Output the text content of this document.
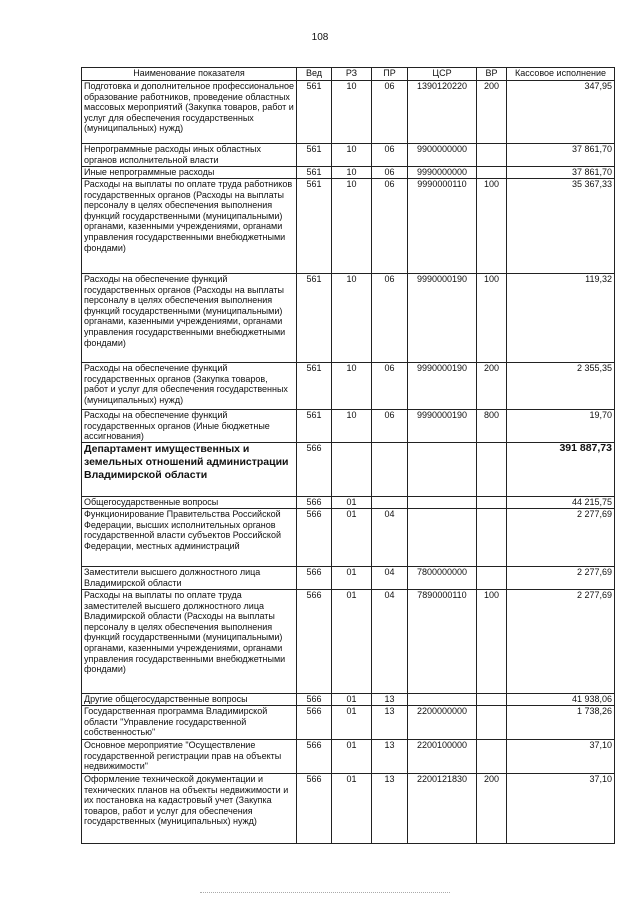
108
Наименование показателя	Вед	РЗ	ПР	ЦСР	ВР	Кассовое исполнение
Подготовка и дополнительное профессиональное образование работников, проведение областных массовых мероприятий (Закупка товаров, работ и услуг для обеспечения государственных (муниципальных) нужд)	561	10	06	1390120220	200	347,95
Непрограммные расходы иных областных органов исполнительной власти	561	10	06	9900000000		37 861,70
Иные непрограммные расходы	561	10	06	9990000000		37 861,70
Расходы на выплаты по оплате труда работников государственных органов (Расходы на выплаты персоналу в целях обеспечения выполнения функций государственными (муниципальными) органами, казенными учреждениями, органами управления государственными внебюджетными фондами)	561	10	06	9990000110	100	35 367,33
Расходы на обеспечение функций государственных органов (Расходы на выплаты персоналу в целях обеспечения выполнения функций государственными (муниципальными) органами, казенными учреждениями, органами управления государственными внебюджетными фондами)	561	10	06	9990000190	100	119,32
Расходы на обеспечение функций государственных органов (Закупка товаров, работ и услуг для обеспечения государственных (муниципальных) нужд)	561	10	06	9990000190	200	2 355,35
Расходы на обеспечение функций государственных органов (Иные бюджетные ассигнования)	561	10	06	9990000190	800	19,70
Департамент имущественных и земельных отношений администрации Владимирской области	566					391 887,73
Общегосударственные вопросы	566	01				44 215,75
Функционирование Правительства Российской Федерации, высших исполнительных органов государственной власти субъектов Российской Федерации, местных администраций	566	01	04			2 277,69
Заместители высшего должностного лица Владимирской области	566	01	04	7800000000		2 277,69
Расходы на выплаты по оплате труда заместителей высшего должностного лица Владимирской области (Расходы на выплаты персоналу в целях обеспечения выполнения функций государственными (муниципальными) органами, казенными учреждениями, органами управления государственными внебюджетными фондами)	566	01	04	7890000110	100	2 277,69
Другие общегосударственные вопросы	566	01	13			41 938,06
Государственная программа Владимирской области "Управление государственной собственностью"	566	01	13	2200000000		1 738,26
Основное мероприятие "Осуществление государственной регистрации прав на объекты недвижимости"	566	01	13	2200100000		37,10
Оформление технической документации и технических планов на объекты недвижимости и их постановка на кадастровый учет (Закупка товаров, работ и услуг для обеспечения государственных (муниципальных) нужд)	566	01	13	2200121830	200	37,10
